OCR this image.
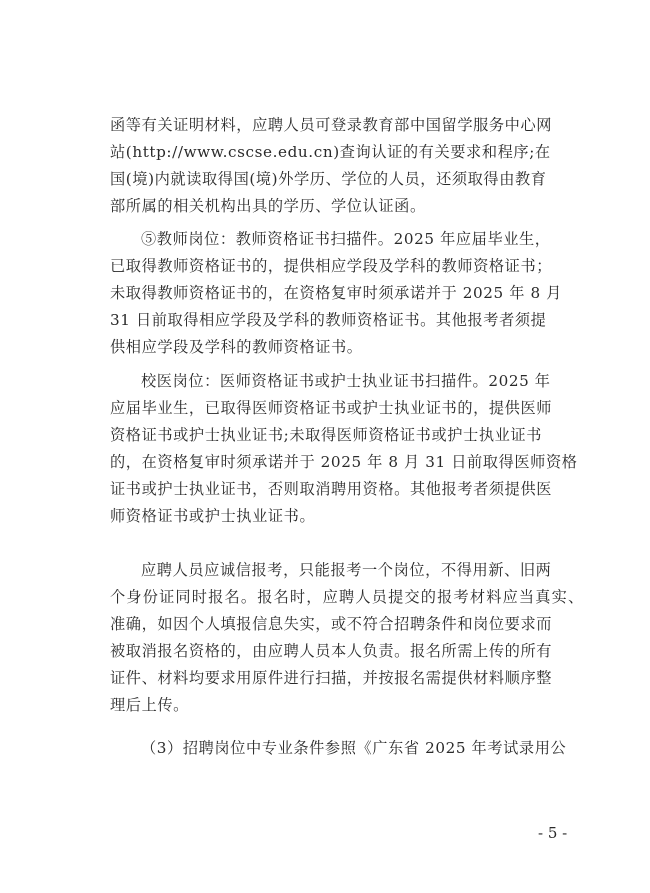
函等有关证明材料，应聘人员可登录教育部中国留学服务中心网
站(http://www.cscse.edu.cn)查询认证的有关要求和程序;在
国(境)内就读取得国(境)外学历、学位的人员，还须取得由教育
部所属的相关机构出具的学历、学位认证函。
⑤教师岗位：教师资格证书扫描件。2025 年应届毕业生，
已取得教师资格证书的，提供相应学段及学科的教师资格证书；
未取得教师资格证书的，在资格复审时须承诺并于 2025 年 8 月
31 日前取得相应学段及学科的教师资格证书。其他报考者须提
供相应学段及学科的教师资格证书。
校医岗位：医师资格证书或护士执业证书扫描件。2025 年
应届毕业生，已取得医师资格证书或护士执业证书的，提供医师
资格证书或护士执业证书;未取得医师资格证书或护士执业证书
的，在资格复审时须承诺并于 2025 年 8 月 31 日前取得医师资格
证书或护士执业证书，否则取消聘用资格。其他报考者须提供医
师资格证书或护士执业证书。
应聘人员应诚信报考，只能报考一个岗位，不得用新、旧两
个身份证同时报名。报名时，应聘人员提交的报考材料应当真实、
准确，如因个人填报信息失实，或不符合招聘条件和岗位要求而
被取消报名资格的，由应聘人员本人负责。报名所需上传的所有
证件、材料均要求用原件进行扫描，并按报名需提供材料顺序整
理后上传。
（3）招聘岗位中专业条件参照《广东省 2025 年考试录用公
- 5 -
